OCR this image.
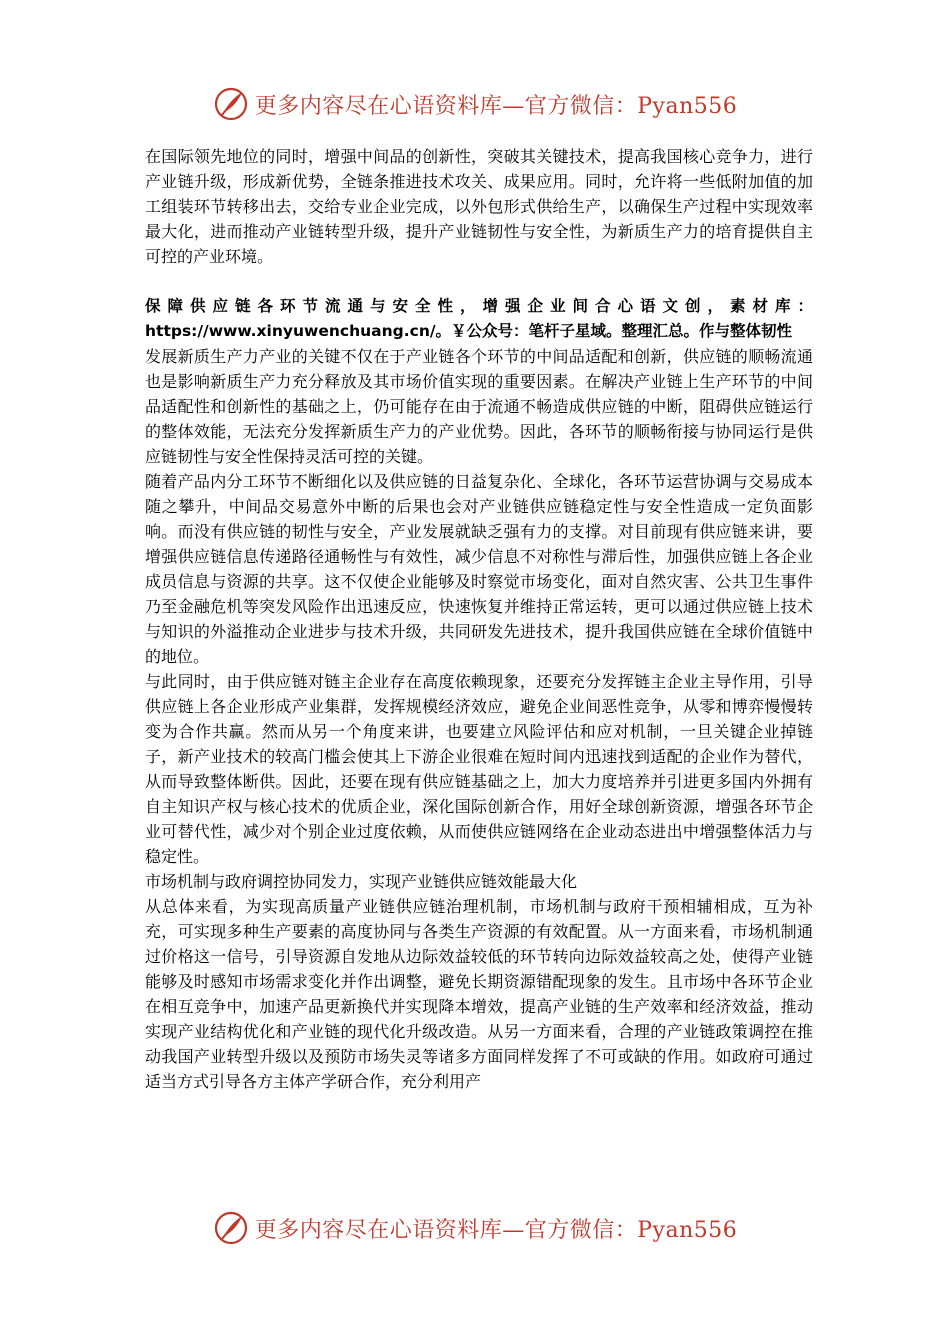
更多内容尽在心语资料库—官方微信：Pyan556

在国际领先地位的同时，增强中间品的创新性，突破其关键技术，提高我国核心竞争力，进行产业链升级，形成新优势，全链条推进技术攻关、成果应用。同时，允许将一些低附加值的加工组装环节转移出去，交给专业企业完成，以外包形式供给生产，以确保生产过程中实现效率最大化，进而推动产业链转型升级，提升产业链韧性与安全性，为新质生产力的培育提供自主可控的产业环境。

保障供应链各环节流通与安全性，增强企业间合心语文创，素材库：https://www.xinyuwenchuang.cn/。￥公众号：笔杆子星域。整理汇总。作与整体韧性

发展新质生产力产业的关键不仅在于产业链各个环节的中间品适配和创新，供应链的顺畅流通也是影响新质生产力充分释放及其市场价值实现的重要因素。在解决产业链上生产环节的中间品适配性和创新性的基础之上，仍可能存在由于流通不畅造成供应链的中断，阻碍供应链运行的整体效能，无法充分发挥新质生产力的产业优势。因此，各环节的顺畅衔接与协同运行是供应链韧性与安全性保持灵活可控的关键。

随着产品内分工环节不断细化以及供应链的日益复杂化、全球化，各环节运营协调与交易成本随之攀升，中间品交易意外中断的后果也会对产业链供应链稳定性与安全性造成一定负面影响。而没有供应链的韧性与安全，产业发展就缺乏强有力的支撑。对目前现有供应链来讲，要增强供应链信息传递路径通畅性与有效性，减少信息不对称性与滞后性，加强供应链上各企业成员信息与资源的共享。这不仅使企业能够及时察觉市场变化，面对自然灾害、公共卫生事件乃至金融危机等突发风险作出迅速反应，快速恢复并维持正常运转，更可以通过供应链上技术与知识的外溢推动企业进步与技术升级，共同研发先进技术，提升我国供应链在全球价值链中的地位。

与此同时，由于供应链对链主企业存在高度依赖现象，还要充分发挥链主企业主导作用，引导供应链上各企业形成产业集群，发挥规模经济效应，避免企业间恶性竞争，从零和博弈慢慢转变为合作共赢。然而从另一个角度来讲，也要建立风险评估和应对机制，一旦关键企业掉链子，新产业技术的较高门槛会使其上下游企业很难在短时间内迅速找到适配的企业作为替代，从而导致整体断供。因此，还要在现有供应链基础之上，加大力度培养并引进更多国内外拥有自主知识产权与核心技术的优质企业，深化国际创新合作，用好全球创新资源，增强各环节企业可替代性，减少对个别企业过度依赖，从而使供应链网络在企业动态进出中增强整体活力与稳定性。

市场机制与政府调控协同发力，实现产业链供应链效能最大化

从总体来看，为实现高质量产业链供应链治理机制，市场机制与政府干预相辅相成，互为补充，可实现多种生产要素的高度协同与各类生产资源的有效配置。从一方面来看，市场机制通过价格这一信号，引导资源自发地从边际效益较低的环节转向边际效益较高之处，使得产业链能够及时感知市场需求变化并作出调整，避免长期资源错配现象的发生。且市场中各环节企业在相互竞争中，加速产品更新换代并实现降本增效，提高产业链的生产效率和经济效益，推动实现产业结构优化和产业链的现代化升级改造。从另一方面来看，合理的产业链政策调控在推动我国产业转型升级以及预防市场失灵等诸多方面同样发挥了不可或缺的作用。如政府可通过适当方式引导各方主体产学研合作，充分利用产

更多内容尽在心语资料库—官方微信：Pyan556
